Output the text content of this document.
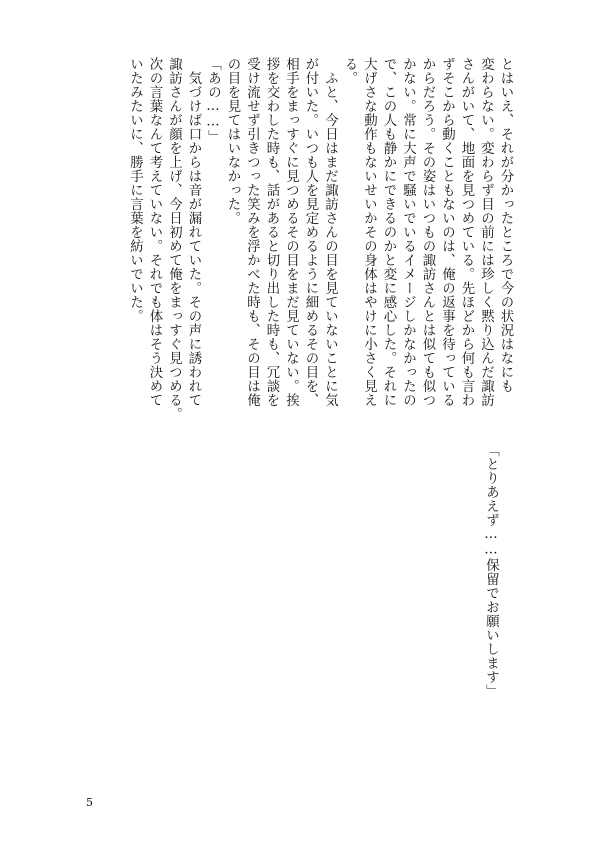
とはいえ、それが分かったところで今の状況はなにも
変わらない。変わらず目の前には珍しく黙り込んだ諏訪
さんがいて、地面を見つめている。先ほどから何も言わ
ずそこから動くこともないのは、俺の返事を待っている
からだろう。その姿はいつもの諏訪さんとは似ても似つ
かない。常に大声で騒いでいるイメージしかなかったの
で、この人も静かにできるのかと変に感心した。それに
大げさな動作もないせいかその身体はやけに小さく見え
る。
　ふと、今日はまだ諏訪さんの目を見ていないことに気
が付いた。いつも人を見定めるように細めるその目を、
相手をまっすぐに見つめるその目をまだ見ていない。挨
拶を交わした時も、話があると切り出した時も、冗談を
受け流せず引きつった笑みを浮かべた時も、その目は俺
の目を見てはいなかった。
「あの……」
　気づけば口からは音が漏れていた。その声に誘われて
諏訪さんが顔を上げ、今日初めて俺をまっすぐ見つめる。
次の言葉なんて考えていない。それでも体はそう決めて
いたみたいに、勝手に言葉を紡いでいた。
「とりあえず……保留でお願いします」
5
